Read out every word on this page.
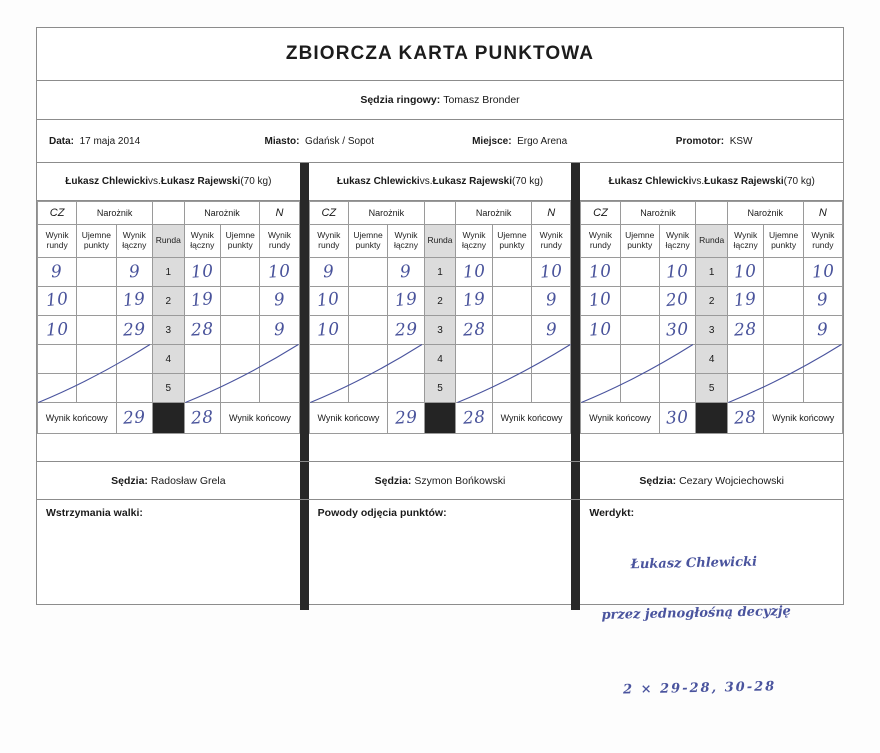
ZBIORCZA KARTA PUNKTOWA
Sędzia ringowy:
Tomasz Bronder
Data: 17 maja 2014	Miasto: Gdańsk / Sopot	Miejsce: Ergo Arena	Promotor: KSW
Łukasz Chlewicki vs. Łukasz Rajewski (70 kg)
CZ	Narożnik			Narożnik		N
Wynik
rundy	Ujemne
punkty	Wynik
łączny	Runda	Wynik
łączny	Ujemne
punkty	Wynik
rundy
9		9	1	10		10
10		19	2	19		9
10		29	3	28		9
			4			
			5			
Wynik końcowy		29		28	Wynik końcowy	
Łukasz Chlewicki vs. Łukasz Rajewski (70 kg)
CZ	Narożnik			Narożnik		N
Wynik
rundy	Ujemne
punkty	Wynik
łączny	Runda	Wynik
łączny	Ujemne
punkty	Wynik
rundy
9		9	1	10		10
10		19	2	19		9
10		29	3	28		9
			4			
			5			
Wynik końcowy		29		28	Wynik końcowy	
Łukasz Chlewicki vs. Łukasz Rajewski (70 kg)
CZ	Narożnik			Narożnik		N
Wynik
rundy	Ujemne
punkty	Wynik
łączny	Runda	Wynik
łączny	Ujemne
punkty	Wynik
rundy
10		10	1	10		10
10		20	2	19		9
10		30	3	28		9
			4			
			5			
Wynik końcowy		30		28	Wynik końcowy	
Sędzia:
Radosław Grela	Sędzia:
Szymon Bońkowski	Sędzia:
Cezary Wojciechowski
Wstrzymania walki:	Powody odjęcia punktów:	Werdykt:

Łukasz Chlewicki

przez jednogłośną decyzję

2 × 29-28, 30-28
